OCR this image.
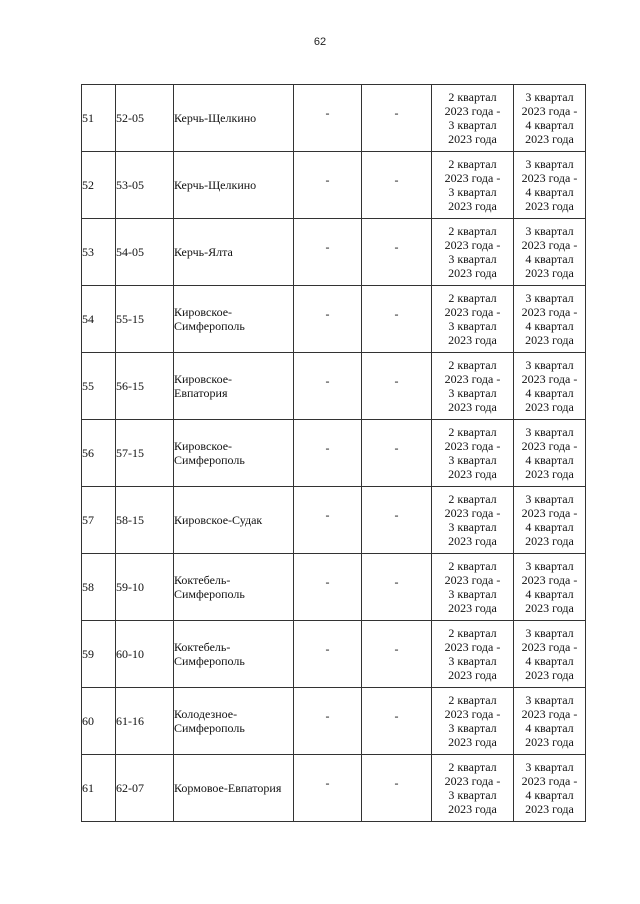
62
51	52-05	Керчь-Щелкино	-	-	2 квартал
2023 года -
3 квартал
2023 года	3 квартал
2023 года -
4 квартал
2023 года
52	53-05	Керчь-Щелкино	-	-	2 квартал
2023 года -
3 квартал
2023 года	3 квартал
2023 года -
4 квартал
2023 года
53	54-05	Керчь-Ялта	-	-	2 квартал
2023 года -
3 квартал
2023 года	3 квартал
2023 года -
4 квартал
2023 года
54	55-15	Кировское-
Симферополь	-	-	2 квартал
2023 года -
3 квартал
2023 года	3 квартал
2023 года -
4 квартал
2023 года
55	56-15	Кировское-
Евпатория	-	-	2 квартал
2023 года -
3 квартал
2023 года	3 квартал
2023 года -
4 квартал
2023 года
56	57-15	Кировское-
Симферополь	-	-	2 квартал
2023 года -
3 квартал
2023 года	3 квартал
2023 года -
4 квартал
2023 года
57	58-15	Кировское-Судак	-	-	2 квартал
2023 года -
3 квартал
2023 года	3 квартал
2023 года -
4 квартал
2023 года
58	59-10	Коктебель-
Симферополь	-	-	2 квартал
2023 года -
3 квартал
2023 года	3 квартал
2023 года -
4 квартал
2023 года
59	60-10	Коктебель-
Симферополь	-	-	2 квартал
2023 года -
3 квартал
2023 года	3 квартал
2023 года -
4 квартал
2023 года
60	61-16	Колодезное-
Симферополь	-	-	2 квартал
2023 года -
3 квартал
2023 года	3 квартал
2023 года -
4 квартал
2023 года
61	62-07	Кормовое-Евпатория	-	-	2 квартал
2023 года -
3 квартал
2023 года	3 квартал
2023 года -
4 квартал
2023 года
